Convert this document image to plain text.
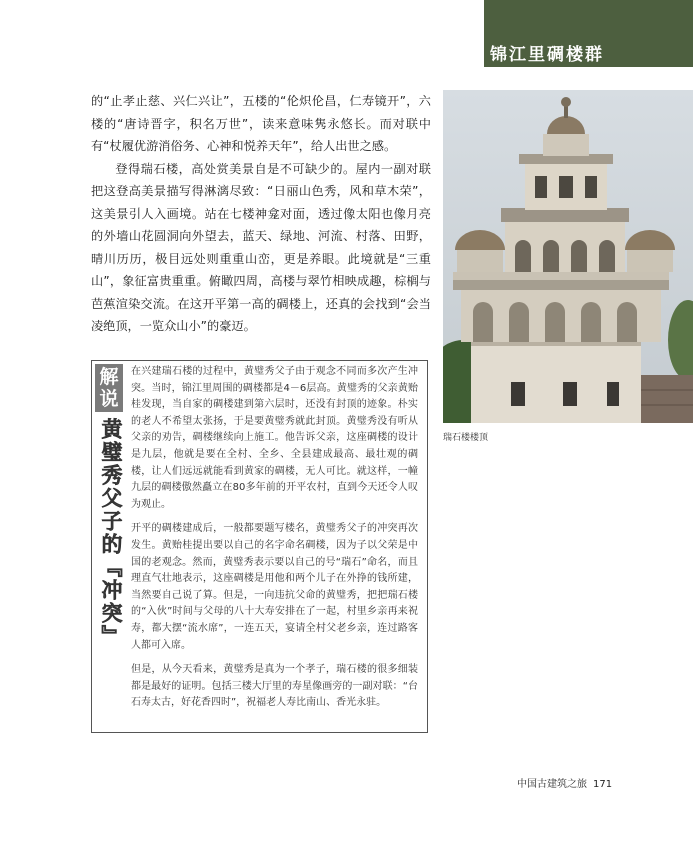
锦江里碉楼群

的“止孝止慈、兴仁兴让”，五楼的“伦炽伦昌，仁寿镜开”，六楼的“唐诗晋字，积名万世”，读来意味隽永悠长。而对联中有“杖履优游消俗务、心神和悦养天年”，给人出世之感。

登得瑞石楼，高处赏美景自是不可缺少的。屋内一副对联把这登高美景描写得淋漓尽致：“日丽山色秀，风和草木荣”，这美景引人入画境。站在七楼神龛对面，透过像太阳也像月亮的外墙山花圆洞向外望去，蓝天、绿地、河流、村落、田野，晴川历历，极目远处则重重山峦，更是养眼。此境就是“三重山”，象征富贵重重。俯瞰四周，高楼与翠竹相映成趣，棕榈与芭蕉渲染交流。在这开平第一高的碉楼上，还真的会找到“会当凌绝顶，一览众山小”的豪迈。

瑞石楼楼顶
解说
黄璧秀父子的『冲突』

在兴建瑞石楼的过程中，黄璧秀父子由于观念不同而多次产生冲突。当时，锦江里周围的碉楼都是4－6层高。黄璧秀的父亲黄贻桂发现，当自家的碉楼建到第六层时，还没有封顶的迹象。朴实的老人不希望太张扬，于是要黄璧秀就此封顶。黄璧秀没有听从父亲的劝告，碉楼继续向上施工。他告诉父亲，这座碉楼的设计是九层，他就是要在全村、全乡、全县建成最高、最壮观的碉楼，让人们远远就能看到黄家的碉楼，无人可比。就这样，一幢九层的碉楼傲然矗立在80多年前的开平农村，直到今天还令人叹为观止。

开平的碉楼建成后，一般都要题写楼名，黄璧秀父子的冲突再次发生。黄贻桂提出要以自己的名字命名碉楼，因为子以父荣是中国的老观念。然而，黄璧秀表示要以自己的号“瑞石”命名，而且理直气壮地表示，这座碉楼是用他和两个儿子在外挣的钱所建，当然要自己说了算。但是，一向违抗父命的黄璧秀，把把瑞石楼的“入伙”时间与父母的八十大寿安排在了一起，村里乡亲再来祝寿，都大摆“流水席”，一连五天，宴请全村父老乡亲，连过路客人都可入席。

但是，从今天看来，黄璧秀是真为一个孝子，瑞石楼的很多细装都是最好的证明。包括三楼大厅里的寿星像画旁的一副对联：“台石寿太古，好花香四时”，祝福老人寿比南山、香光永驻。

中国古建筑之旅 171
